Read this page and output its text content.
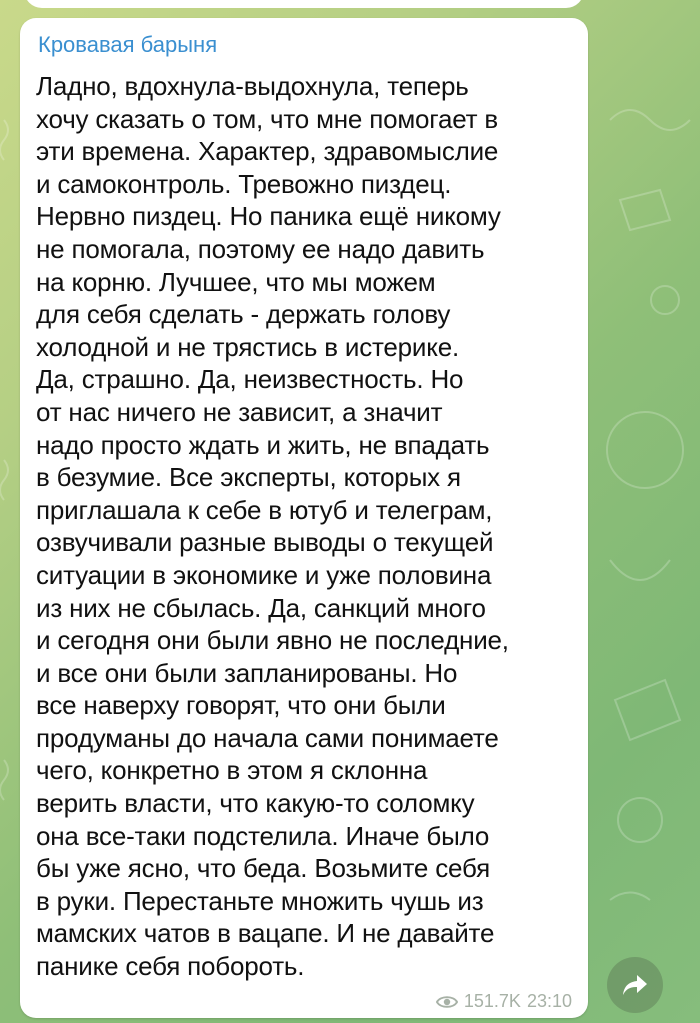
Кровавая барыня
Ладно, вдохнула-выдохнула, теперь
хочу сказать о том, что мне помогает в
эти времена. Характер, здравомыслие
и самоконтроль. Тревожно пиздец.
Нервно пиздец. Но паника ещё никому
не помогала, поэтому ее надо давить
на корню. Лучшее, что мы можем
для себя сделать - держать голову
холодной и не трястись в истерике.
Да, страшно. Да, неизвестность. Но
от нас ничего не зависит, а значит
надо просто ждать и жить, не впадать
в безумие. Все эксперты, которых я
приглашала к себе в ютуб и телеграм,
озвучивали разные выводы о текущей
ситуации в экономике и уже половина
из них не сбылась. Да, санкций много
и сегодня они были явно не последние,
и все они были запланированы. Но
все наверху говорят, что они были
продуманы до начала сами понимаете
чего, конкретно в этом я склонна
верить власти, что какую-то соломку
она все-таки подстелила. Иначе было
бы уже ясно, что беда. Возьмите себя
в руки. Перестаньте множить чушь из
мамских чатов в вацапе. И не давайте
панике себя побороть.
151.7K 23:10
